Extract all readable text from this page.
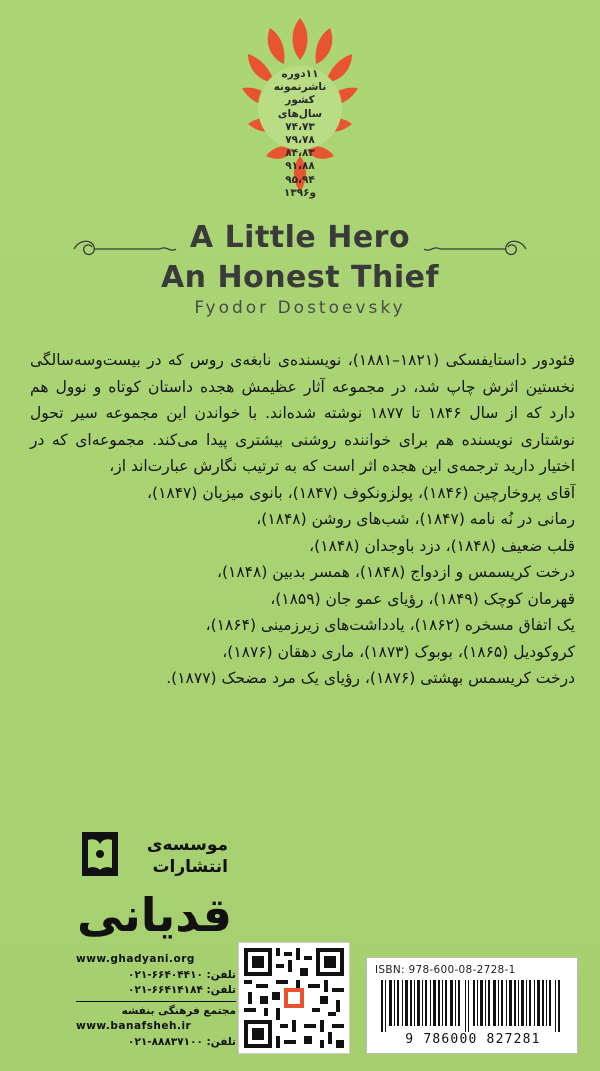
۱۱دوره
ناشرنمونه
کشور
سال‌های
۷۴،۷۳
۷۹،۷۸
۸۴،۸۳
۹۱،۸۸
۹۵،۹۴
و۱۳۹۶
A Little Hero
An Honest Thief
Fyodor Dostoevsky
فئودور داستایفسکی (۱۸۲۱–۱۸۸۱)، نویسنده‌ی نابغه‌ی روس که در بیست‌وسه‌سالگی نخستین اثرش چاپ شد، در مجموعه آثار عظیمش هجده داستان کوتاه و نوول هم دارد که از سال ۱۸۴۶ تا ۱۸۷۷ نوشته شده‌اند. با خواندن این مجموعه سیر تحول نوشتاری نویسنده هم برای خواننده روشنی بیشتری پیدا می‌کند. مجموعه‌ای که در اختیار دارید ترجمه‌ی این هجده اثر است که به ترتیب نگارش عبارت‌اند از،
آقای پروخارچین (۱۸۴۶)، پولزونکوف (۱۸۴۷)، بانوی میزبان (۱۸۴۷)،
رمانی در نُه نامه (۱۸۴۷)، شب‌های روشن (۱۸۴۸)،
قلب ضعیف (۱۸۴۸)، دزد باوجدان (۱۸۴۸)،
درخت کریسمس و ازدواج (۱۸۴۸)، همسر بدبین (۱۸۴۸)،
قهرمان کوچک (۱۸۴۹)، رؤیای عمو جان (۱۸۵۹)،
یک اتفاق مسخره (۱۸۶۲)، یادداشت‌های زیرزمینی (۱۸۶۴)،
کروکودیل (۱۸۶۵)، بوبوک (۱۸۷۳)، ماری دهقان (۱۸۷۶)،
درخت کریسمس بهشتی (۱۸۷۶)، رؤیای یک مرد مضحک (۱۸۷۷).
موسسه‌ی
انتشارات
قدیانی
www.ghadyani.org
تلفن: ۶۶۴۰۴۴۱۰-۰۲۱
تلفن: ۶۶۴۱۴۱۸۴-۰۲۱
مجتمع فرهنگی بنفشه
www.banafsheh.ir
تلفن: ۸۸۸۳۷۱۰۰-۰۲۱
ISBN: 978-600-08-2728-1
9 786000 827281
